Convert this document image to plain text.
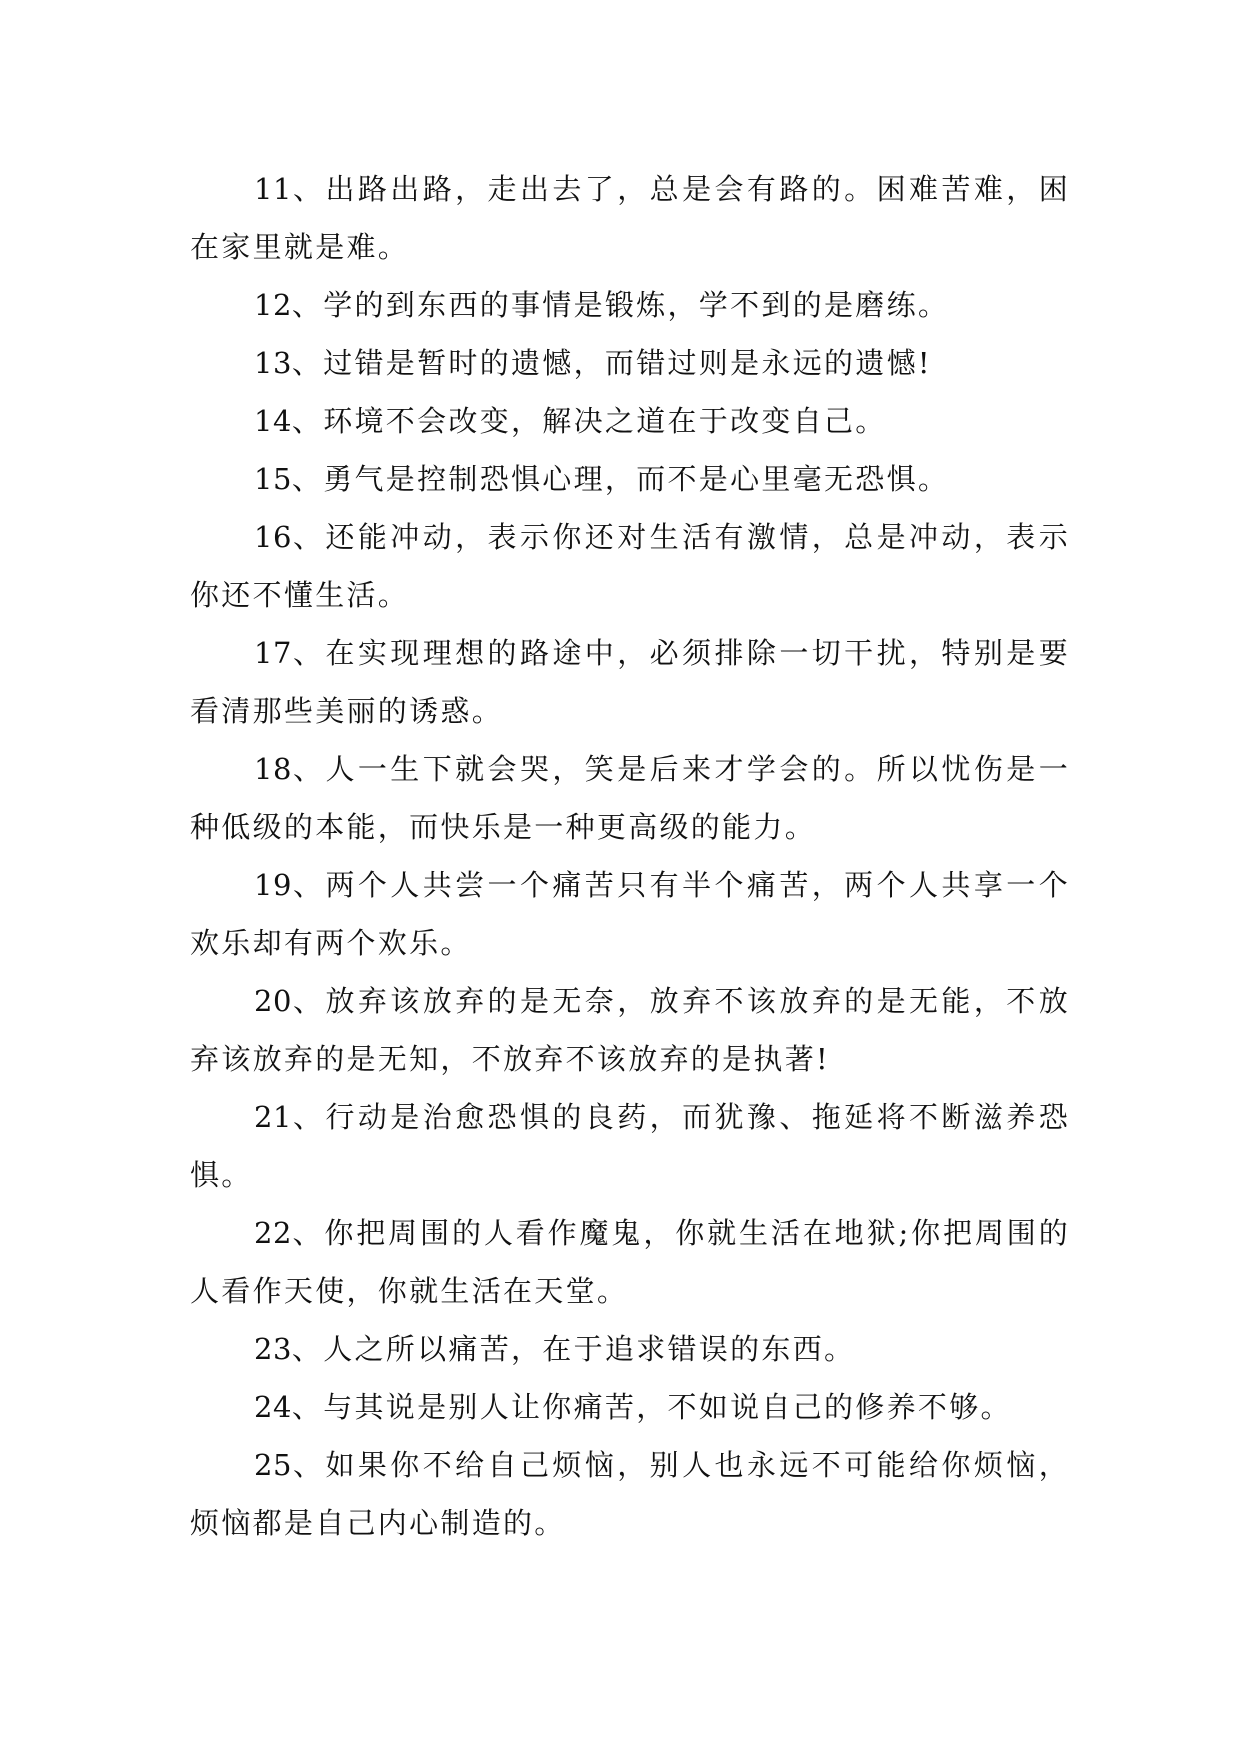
11、出路出路，走出去了，总是会有路的。困难苦难，困在家里就是难。

12、学的到东西的事情是锻炼，学不到的是磨练。

13、过错是暂时的遗憾，而错过则是永远的遗憾!

14、环境不会改变，解决之道在于改变自己。

15、勇气是控制恐惧心理，而不是心里毫无恐惧。

16、还能冲动，表示你还对生活有激情，总是冲动，表示你还不懂生活。

17、在实现理想的路途中，必须排除一切干扰，特别是要看清那些美丽的诱惑。

18、人一生下就会哭，笑是后来才学会的。所以忧伤是一种低级的本能，而快乐是一种更高级的能力。

19、两个人共尝一个痛苦只有半个痛苦，两个人共享一个欢乐却有两个欢乐。

20、放弃该放弃的是无奈，放弃不该放弃的是无能，不放弃该放弃的是无知，不放弃不该放弃的是执著!

21、行动是治愈恐惧的良药，而犹豫、拖延将不断滋养恐惧。

22、你把周围的人看作魔鬼，你就生活在地狱;你把周围的人看作天使，你就生活在天堂。

23、人之所以痛苦，在于追求错误的东西。

24、与其说是别人让你痛苦，不如说自己的修养不够。

25、如果你不给自己烦恼，别人也永远不可能给你烦恼，烦恼都是自己内心制造的。
